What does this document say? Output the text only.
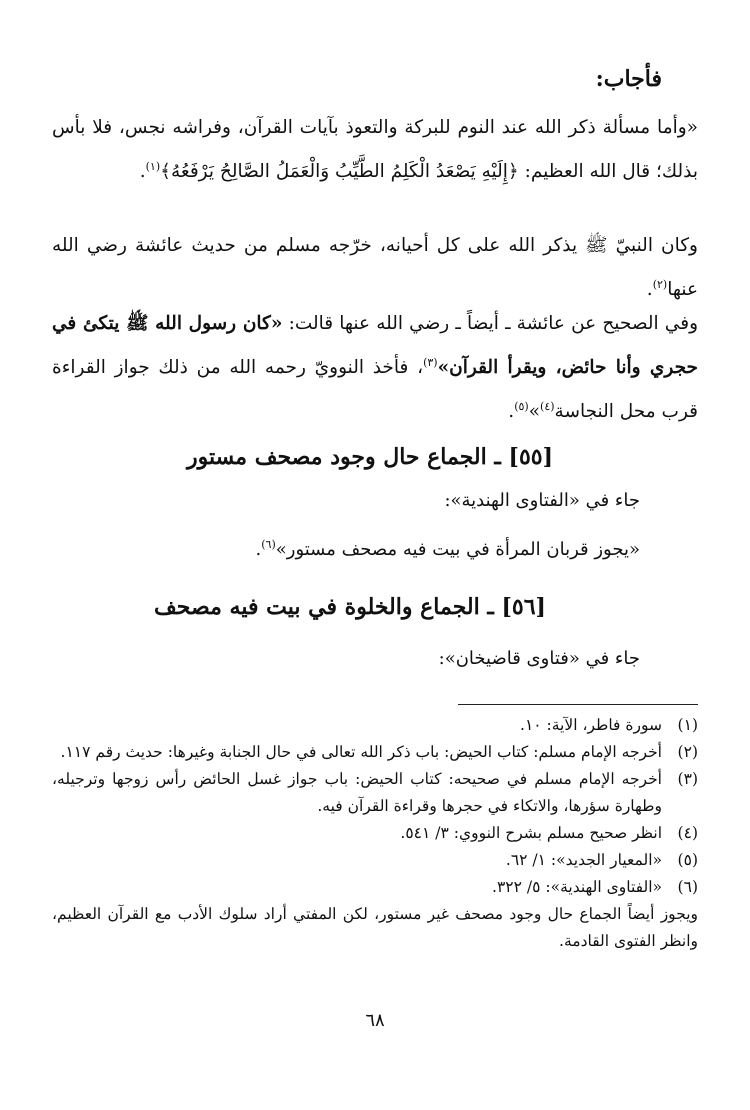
فأجاب:
«وأما مسألة ذكر الله عند النوم للبركة والتعوذ بآيات القرآن، وفراشه نجس، فلا بأس بذلك؛ قال الله العظيم: ﴿إِلَيْهِ يَصْعَدُ الْكَلِمُ الطَّيِّبُ وَالْعَمَلُ الصَّالِحُ يَرْفَعُهُ﴾$^{(١)}$.
وكان النبيّ ﷺ يذكر الله على كل أحيانه، خرّجه مسلم من حديث عائشة رضي الله عنها$^{(٢)}$.
وفي الصحيح عن عائشة ـ أيضاً ـ رضي الله عنها قالت: «كان رسول الله ﷺ يتكئ في حجري وأنا حائض، ويقرأ القرآن»$^{(٣)}$، فأخذ النوويّ رحمه الله من ذلك جواز القراءة قرب محل النجاسة$^{(٤)}$»$^{(٥)}$.
[٥٥] ـ الجماع حال وجود مصحف مستور
جاء في «الفتاوى الهندية»:
«يجوز قربان المرأة في بيت فيه مصحف مستور»$^{(٦)}$.
[٥٦] ـ الجماع والخلوة في بيت فيه مصحف
جاء في «فتاوى قاضيخان»:
(١)
سورة فاطر، الآية: ١٠.
(٢)
أخرجه الإمام مسلم: كتاب الحيض: باب ذكر الله تعالى في حال الجنابة وغيرها: حديث رقم ١١٧.
(٣)
أخرجه الإمام مسلم في صحيحه: كتاب الحيض: باب جواز غسل الحائض رأس زوجها وترجيله، وطهارة سؤرها، والاتكاء في حجرها وقراءة القرآن فيه.
(٤)
انظر صحيح مسلم بشرح النووي: ٣/ ٥٤١.
(٥)
«المعيار الجديد»: ١/ ٦٢.
(٦)
«الفتاوى الهندية»: ٥/ ٣٢٢.
ويجوز أيضاً الجماع حال وجود مصحف غير مستور، لكن المفتي أراد سلوك الأدب مع القرآن العظيم، وانظر الفتوى القادمة.
٦٨
